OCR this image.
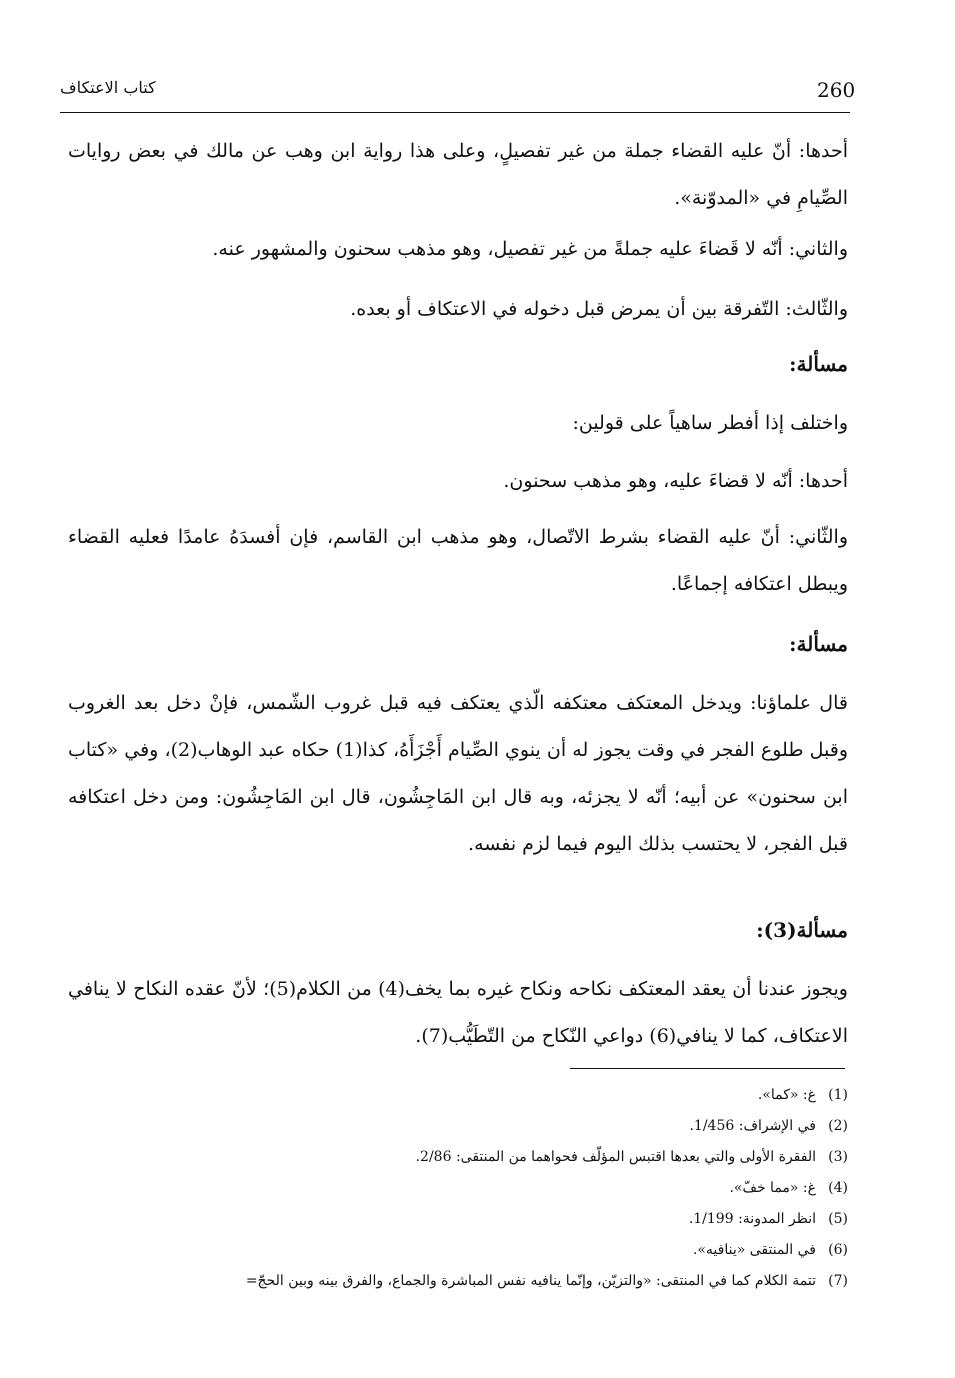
260
كتاب الاعتكاف
أحدها: أنّ عليه القضاء جملة من غير تفصيلٍ، وعلى هذا رواية ابن وهب عن مالك في بعض روايات الصِّيامِ في «المدوّنة».
والثاني: أنّه لا قَضاءَ عليه جملةً من غير تفصيل، وهو مذهب سحنون والمشهور عنه.
والثّالث: التّفرقة بين أن يمرض قبل دخوله في الاعتكاف أو بعده.
مسألة:
واختلف إذا أفطر ساهياً على قولين:
أحدها: أنّه لا قضاءَ عليه، وهو مذهب سحنون.
والثّاني: أنّ عليه القضاء بشرط الاتّصال، وهو مذهب ابن القاسم، فإن أفسدَهُ عامدًا فعليه القضاء ويبطل اعتكافه إجماعًا.
مسألة:
قال علماؤنا: ويدخل المعتكف معتكفه الّذي يعتكف فيه قبل غروب الشّمس، فإنْ دخل بعد الغروب وقبل طلوع الفجر في وقت يجوز له أن ينوي الصِّيام أَجْزَأَهُ، كذا(1) حكاه عبد الوهاب(2)، وفي «كتاب ابن سحنون» عن أبيه؛ أنّه لا يجزئه، وبه قال ابن المَاجِشُون، قال ابن المَاجِشُون: ومن دخل اعتكافه قبل الفجر، لا يحتسب بذلك اليوم فيما لزم نفسه.
مسألة(3):
ويجوز عندنا أن يعقد المعتكف نكاحه ونكاح غيره بما يخف(4) من الكلام(5)؛ لأنّ عقده النكاح لا ينافي الاعتكاف، كما لا ينافي(6) دواعي النّكاح من التّطَيُّب(7).
(1)غ: «كما».
(2)في الإشراف: 1/456.
(3)الفقرة الأولى والتي بعدها اقتبس المؤلّف فحواهما من المنتقى: 2/86.
(4)غ: «مما خفّ».
(5)انظر المدونة: 1/199.
(6)في المنتقى «ينافيه».
(7)تتمة الكلام كما في المنتقى: «والتزيّن، وإنّما ينافيه نفس المباشرة والجماع، والفرق بينه وبين الحجّ=
